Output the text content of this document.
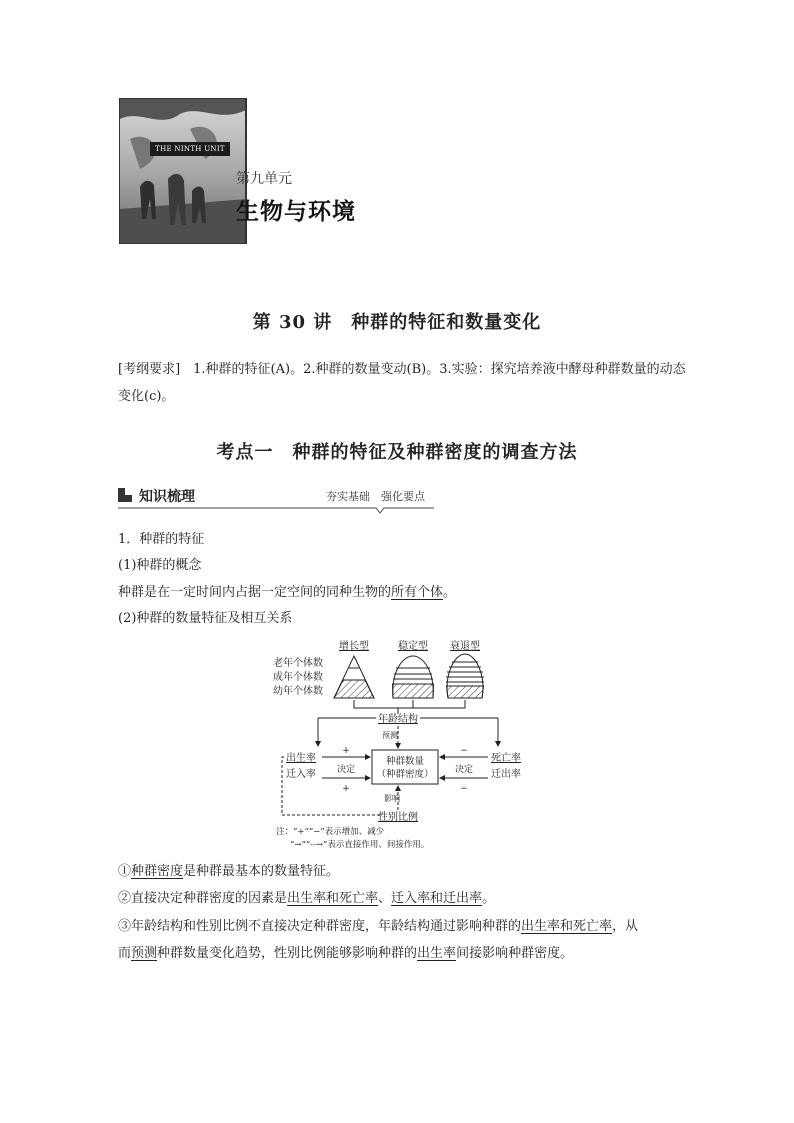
THE NINTH UNIT
第九单元
生物与环境
第 30 讲　种群的特征和数量变化
[考纲要求]　1.种群的特征(A)。2.种群的数量变动(B)。3.实验：探究培养液中酵母种群数量的动态变化(c)。
考点一　种群的特征及种群密度的调查方法
知识梳理	夯实基础　强化要点
1．种群的特征
(1)种群的概念
种群是在一定时间内占据一定空间的同种生物的所有个体。
(2)种群的数量特征及相互关系
增长型	稳定型 衰退型
老年个体数
成年个体数
幼年个体数
年龄结构
预测
种群数量
（种群密度）
出生率
迁入率
死亡率
迁出率
决定	决定
+
+
−
−
影响
性别比例
注：“+”“−”表示增加、减少
“→”“--→”表示直接作用、间接作用。
①种群密度是种群最基本的数量特征。
②直接决定种群密度的因素是出生率和死亡率、迁入率和迁出率。
③年龄结构和性别比例不直接决定种群密度，年龄结构通过影响种群的出生率和死亡率，从
而预测种群数量变化趋势，性别比例能够影响种群的出生率间接影响种群密度。
